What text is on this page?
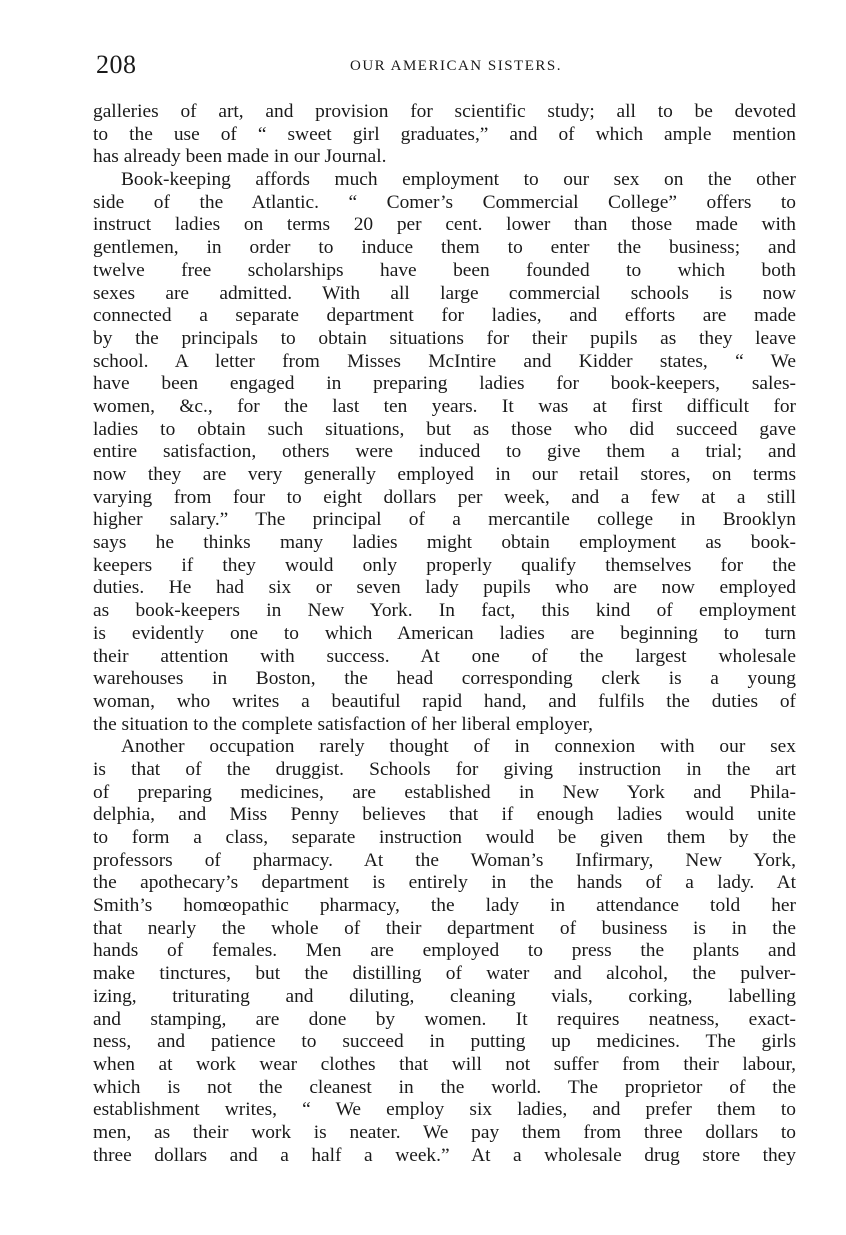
208	OUR AMERICAN SISTERS.
galleries of art, and provision for scientific study; all to be devoted
to the use of “ sweet girl graduates,” and of which ample mention
has already been made in our Journal.
Book-keeping affords much employment to our sex on the other
side of the Atlantic. “ Comer’s Commercial College” offers to
instruct ladies on terms 20 per cent. lower than those made with
gentlemen, in order to induce them to enter the business; and
twelve free scholarships have been founded to which both
sexes are admitted. With all large commercial schools is now
connected a separate department for ladies, and efforts are made
by the principals to obtain situations for their pupils as they leave
school. A letter from Misses McIntire and Kidder states, “ We
have been engaged in preparing ladies for book-keepers, sales-
women, &c., for the last ten years. It was at first difficult for
ladies to obtain such situations, but as those who did succeed gave
entire satisfaction, others were induced to give them a trial; and
now they are very generally employed in our retail stores, on terms
varying from four to eight dollars per week, and a few at a still
higher salary.” The principal of a mercantile college in Brooklyn
says he thinks many ladies might obtain employment as book-
keepers if they would only properly qualify themselves for the
duties. He had six or seven lady pupils who are now employed
as book-keepers in New York. In fact, this kind of employment
is evidently one to which American ladies are beginning to turn
their attention with success. At one of the largest wholesale
warehouses in Boston, the head corresponding clerk is a young
woman, who writes a beautiful rapid hand, and fulfils the duties of
the situation to the complete satisfaction of her liberal employer,
Another occupation rarely thought of in connexion with our sex
is that of the druggist. Schools for giving instruction in the art
of preparing medicines, are established in New York and Phila-
delphia, and Miss Penny believes that if enough ladies would unite
to form a class, separate instruction would be given them by the
professors of pharmacy. At the Woman’s Infirmary, New York,
the apothecary’s department is entirely in the hands of a lady. At
Smith’s homœopathic pharmacy, the lady in attendance told her
that nearly the whole of their department of business is in the
hands of females. Men are employed to press the plants and
make tinctures, but the distilling of water and alcohol, the pulver-
izing, triturating and diluting, cleaning vials, corking, labelling
and stamping, are done by women. It requires neatness, exact-
ness, and patience to succeed in putting up medicines. The girls
when at work wear clothes that will not suffer from their labour,
which is not the cleanest in the world. The proprietor of the
establishment writes, “ We employ six ladies, and prefer them to
men, as their work is neater. We pay them from three dollars to
three dollars and a half a week.” At a wholesale drug store they
